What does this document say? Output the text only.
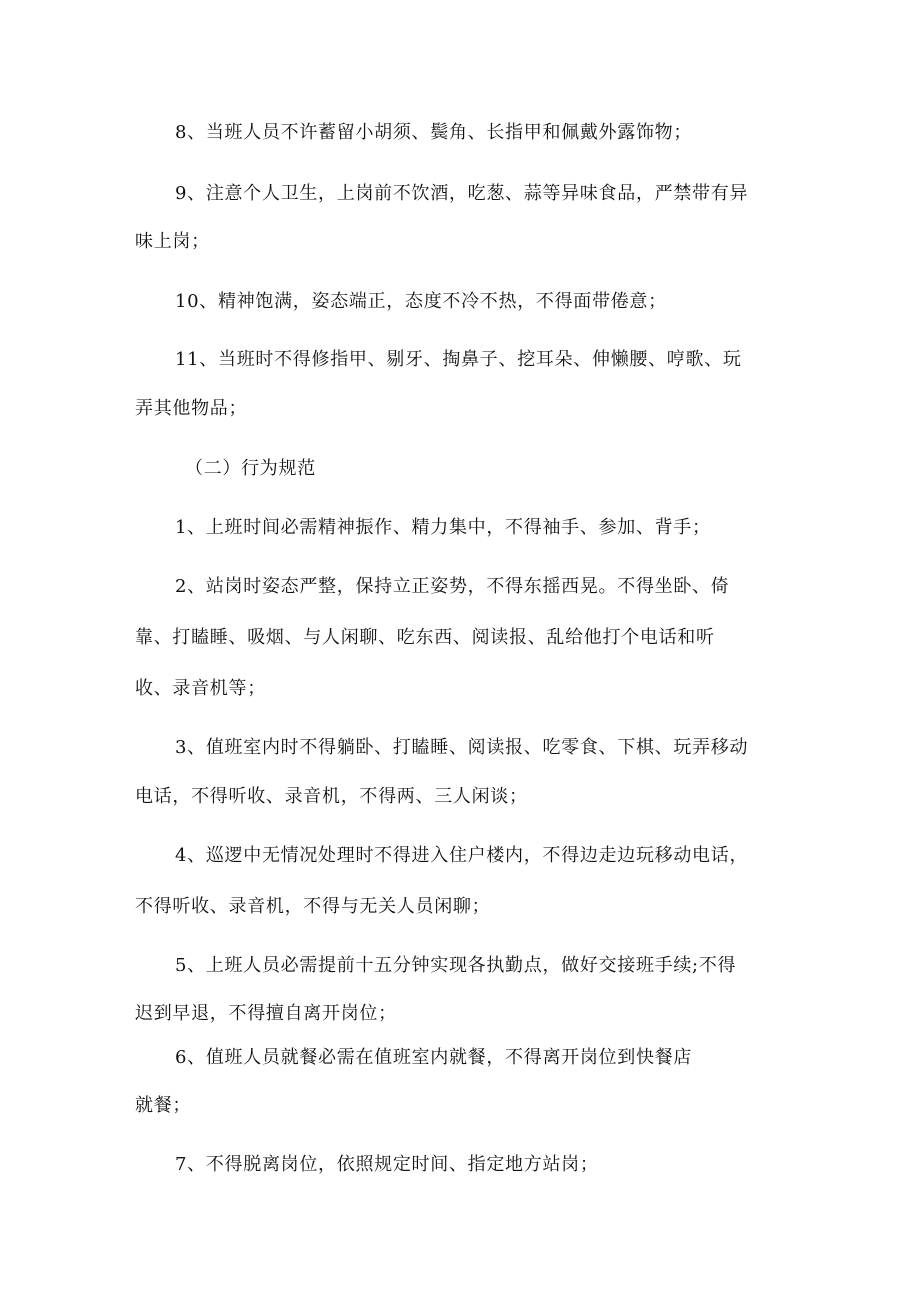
8、当班人员不许蓄留小胡须、鬓角、长指甲和佩戴外露饰物；
9、注意个人卫生，上岗前不饮酒，吃葱、蒜等异味食品，严禁带有异
味上岗；
10、精神饱满，姿态端正，态度不冷不热，不得面带倦意；
11、当班时不得修指甲、剔牙、掏鼻子、挖耳朵、伸懒腰、哼歌、玩
弄其他物品；
（二）行为规范
1、上班时间必需精神振作、精力集中，不得袖手、参加、背手；
2、站岗时姿态严整，保持立正姿势，不得东摇西晃。不得坐卧、倚
靠、打瞌睡、吸烟、与人闲聊、吃东西、阅读报、乱给他打个电话和听
收、录音机等；
3、值班室内时不得躺卧、打瞌睡、阅读报、吃零食、下棋、玩弄移动
电话，不得听收、录音机，不得两、三人闲谈；
4、巡逻中无情况处理时不得进入住户楼内，不得边走边玩移动电话，
不得听收、录音机，不得与无关人员闲聊；
5、上班人员必需提前十五分钟实现各执勤点，做好交接班手续;不得
迟到早退，不得擅自离开岗位；
6、值班人员就餐必需在值班室内就餐，不得离开岗位到快餐店
就餐；
7、不得脱离岗位，依照规定时间、指定地方站岗；
